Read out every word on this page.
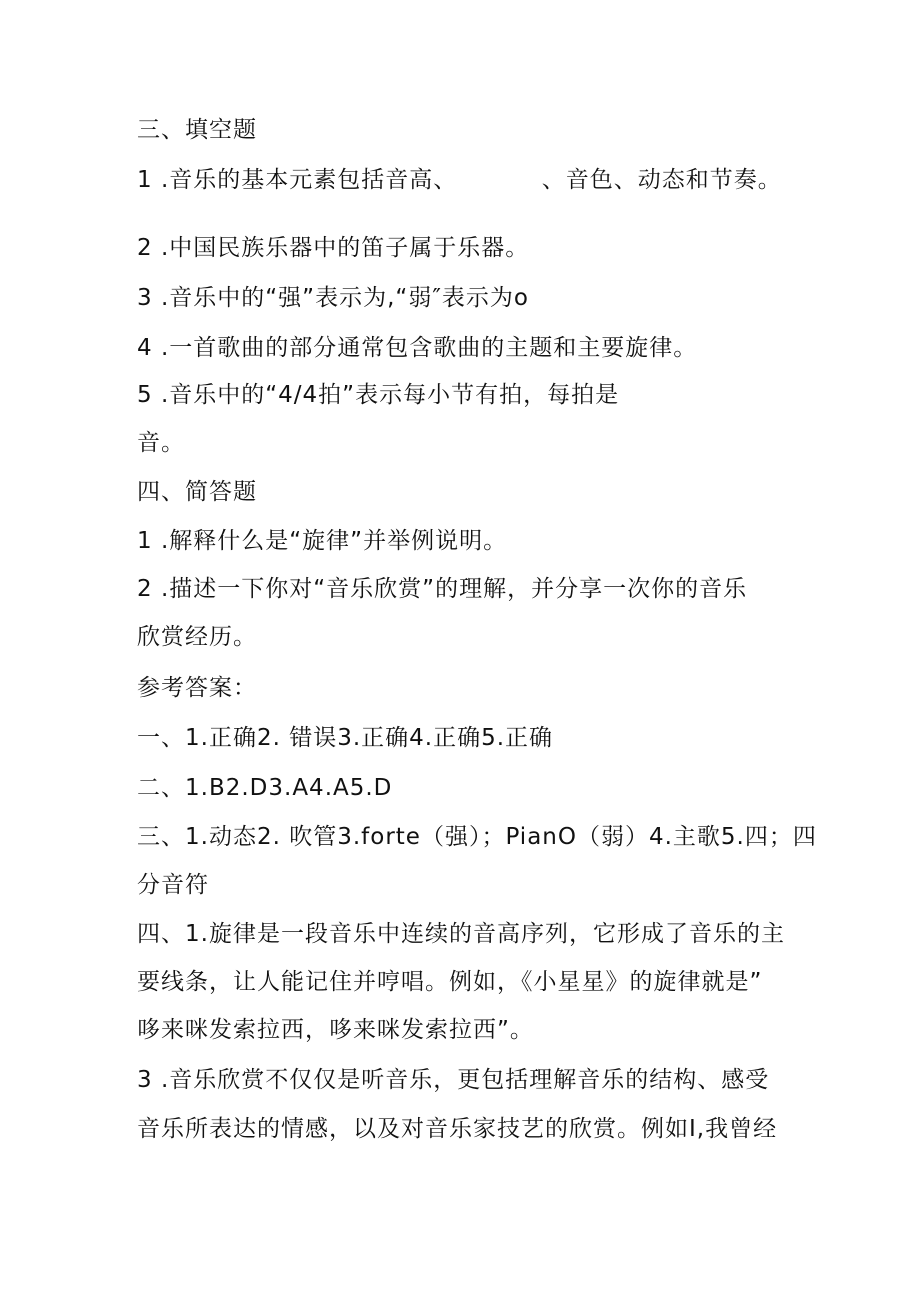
三、填空题
1 .音乐的基本元素包括音高、　　　　、音色、动态和节奏。
2 .中国民族乐器中的笛子属于乐器。
3 .音乐中的“强”表示为,“弱″表示为o
4 .一首歌曲的部分通常包含歌曲的主题和主要旋律。
5 .音乐中的“4/4拍”表示每小节有拍，每拍是
音。
四、简答题
1 .解释什么是“旋律”并举例说明。
2 .描述一下你对“音乐欣赏”的理解，并分享一次你的音乐
欣赏经历。
参考答案：
一、1.正确2. 错误3.正确4.正确5.正确
二、1.B2.D3.A4.A5.D
三、1.动态2. 吹管3.forte（强）；PianO（弱）4.主歌5.四；四
分音符
四、1.旋律是一段音乐中连续的音高序列，它形成了音乐的主
要线条，让人能记住并哼唱。例如，《小星星》的旋律就是”
哆来咪发索拉西，哆来咪发索拉西”。
3 .音乐欣赏不仅仅是听音乐，更包括理解音乐的结构、感受
音乐所表达的情感，以及对音乐家技艺的欣赏。例如I,我曾经
